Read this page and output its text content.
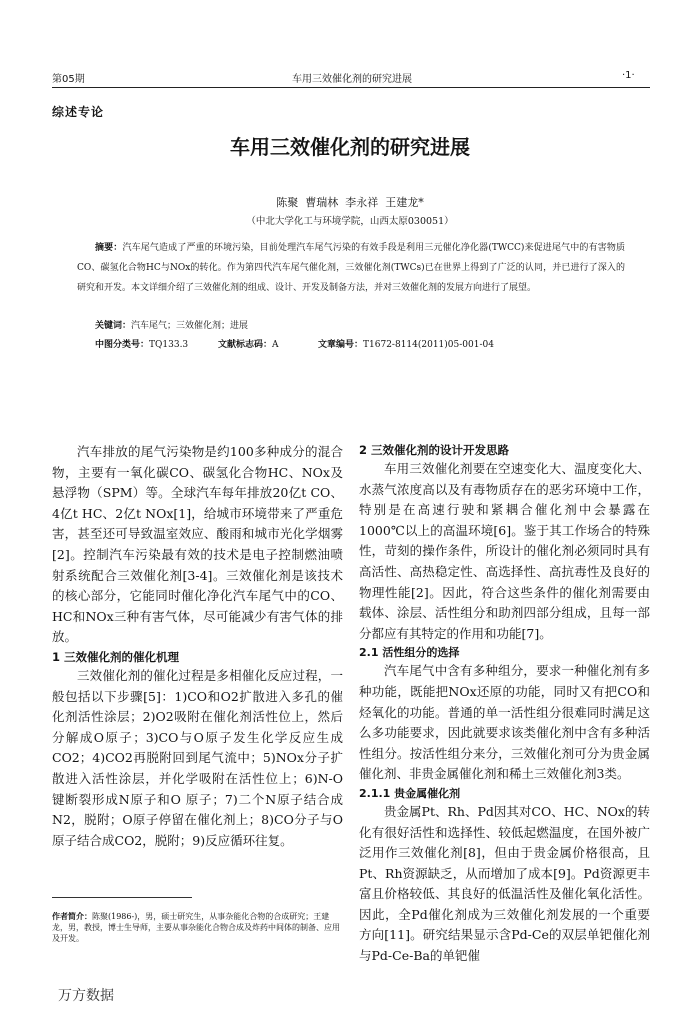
第05期	车用三效催化剂的研究进展	·1·
综述专论
车用三效催化剂的研究进展
陈聚  曹瑞林  李永祥  王建龙*
（中北大学化工与环境学院，山西太原030051）
摘要：汽车尾气造成了严重的环境污染，目前处理汽车尾气污染的有效手段是利用三元催化净化器(TWCC)来促进尾气中的有害物质CO、碳氢化合物HC与NOx的转化。作为第四代汽车尾气催化剂，三效催化剂(TWCs)已在世界上得到了广泛的认同，并已进行了深入的研究和开发。本文详细介绍了三效催化剂的组成、设计、开发及制备方法，并对三效催化剂的发展方向进行了展望。
关键词：汽车尾气；三效催化剂；进展
中图分类号：TQ133.3	文献标志码：A	文章编号：T1672-8114(2011)05-001-04

汽车排放的尾气污染物是约100多种成分的混合物，主要有一氧化碳CO、碳氢化合物HC、NOx及悬浮物（SPM）等。全球汽车每年排放20亿t CO、4亿t HC、2亿t NOx[1]，给城市环境带来了严重危害，甚至还可导致温室效应、酸雨和城市光化学烟雾[2]。控制汽车污染最有效的技术是电子控制燃油喷射系统配合三效催化剂[3-4]。三效催化剂是该技术的核心部分，它能同时催化净化汽车尾气中的CO、HC和NOx三种有害气体，尽可能减少有害气体的排放。

1 三效催化剂的催化机理

三效催化剂的催化过程是多相催化反应过程，一般包括以下步骤[5]：1)CO和O2扩散进入多孔的催化剂活性涂层；2)O2吸附在催化剂活性位上，然后分解成O原子；3)CO与O原子发生化学反应生成CO2；4)CO2再脱附回到尾气流中；5)NOx分子扩散进入活性涂层，并化学吸附在活性位上；6)N-O 键断裂形成N原子和O 原子；7)二个N原子结合成N2，脱附；O原子停留在催化剂上；8)CO分子与O原子结合成CO2，脱附；9)反应循环往复。

作者简介：陈聚(1986-)，男，硕士研究生，从事杂能化合物的合成研究；王建龙，男，教授，博士生导师，主要从事杂能化合物合成及炸药中间体的制备、应用及开发。

2 三效催化剂的设计开发思路

车用三效催化剂要在空速变化大、温度变化大、水蒸气浓度高以及有毒物质存在的恶劣环境中工作，特别是在高速行驶和紧耦合催化剂中会暴露在1000℃以上的高温环境[6]。鉴于其工作场合的特殊性，苛刻的操作条件，所设计的催化剂必须同时具有高活性、高热稳定性、高选择性、高抗毒性及良好的物理性能[2]。因此，符合这些条件的催化剂需要由载体、涂层、活性组分和助剂四部分组成，且每一部分都应有其特定的作用和功能[7]。

2.1 活性组分的选择

汽车尾气中含有多种组分，要求一种催化剂有多种功能，既能把NOx还原的功能，同时又有把CO和烃氧化的功能。普通的单一活性组分很难同时满足这么多功能要求，因此就要求该类催化剂中含有多种活性组分。按活性组分来分，三效催化剂可分为贵金属催化剂、非贵金属催化剂和稀土三效催化剂3类。

2.1.1 贵金属催化剂

贵金属Pt、Rh、Pd因其对CO、HC、NOx的转化有很好活性和选择性、较低起燃温度，在国外被广泛用作三效催化剂[8]，但由于贵金属价格很高，且Pt、Rh资源缺乏，从而增加了成本[9]。Pd资源更丰富且价格较低、其良好的低温活性及催化氧化活性。因此，全Pd催化剂成为三效催化剂发展的一个重要方向[11]。研究结果显示含Pd-Ce的双层单钯催化剂与Pd-Ce-Ba的单钯催

万方数据
